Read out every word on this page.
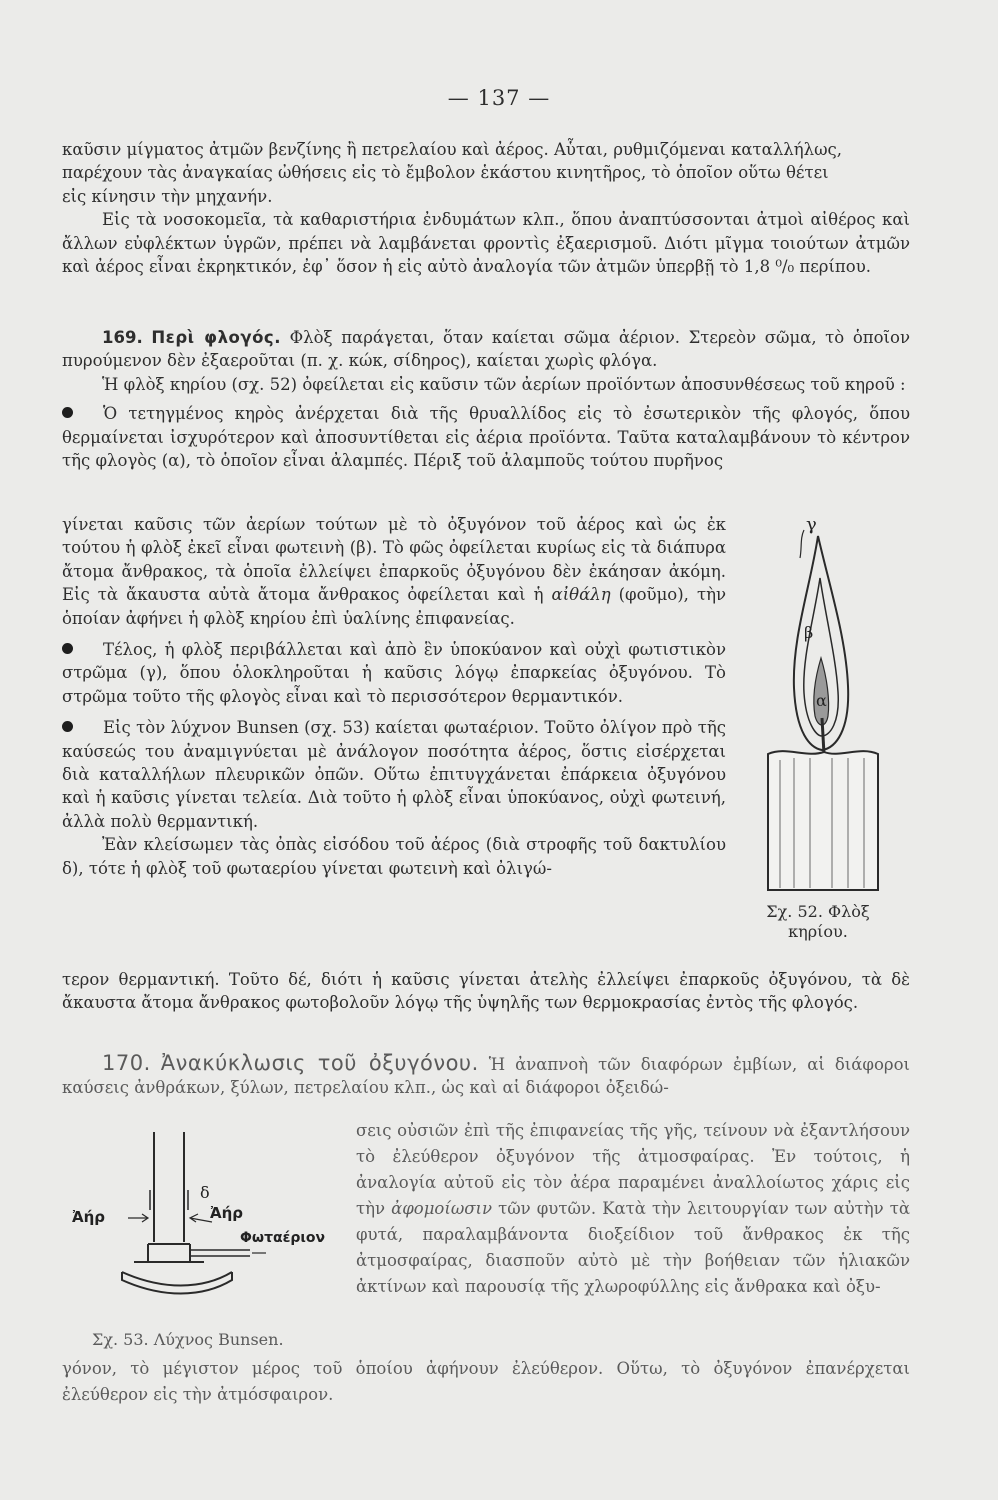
— 137 —

καῦσιν μίγματος ἀτμῶν βενζίνης ἢ πετρελαίου καὶ ἀέρος. Αὗται, ρυθμιζόμεναι καταλλήλως,

παρέχουν τὰς ἀναγκαίας ὠθήσεις εἰς τὸ ἔμβολον ἑκάστου κινητῆρος, τὸ ὁποῖον οὕτω θέτει

εἰς κίνησιν τὴν μηχανήν.

Εἰς τὰ νοσοκομεῖα, τὰ καθαριστήρια ἐνδυμάτων κλπ., ὅπου ἀναπτύσσονται ἀτμοὶ αἰθέρος καὶ ἄλλων εὐφλέκτων ὑγρῶν, πρέπει νὰ λαμβάνεται φροντὶς ἐξαερισμοῦ. Διότι μῖγμα τοιούτων ἀτμῶν καὶ ἀέρος εἶναι ἐκρηκτικόν, ἐφ᾽ ὅσον ἡ εἰς αὐτὸ ἀναλογία τῶν ἀτμῶν ὑπερβῇ τὸ 1,8 ⁰/₀ περίπου.

169. Περὶ φλογός. Φλὸξ παράγεται, ὅταν καίεται σῶμα ἀέριον. Στερεὸν σῶμα, τὸ ὁποῖον πυρούμενον δὲν ἐξαεροῦται (π. χ. κώκ, σίδηρος), καίεται χωρὶς φλόγα.

Ἡ φλὸξ κηρίου (σχ. 52) ὀφείλεται εἰς καῦσιν τῶν ἀερίων προϊόντων ἀποσυνθέσεως τοῦ κηροῦ :

Ὁ τετηγμένος κηρὸς ἀνέρχεται διὰ τῆς θρυαλλίδος εἰς τὸ ἐσωτερικὸν τῆς φλογός, ὅπου θερμαίνεται ἰσχυρότερον καὶ ἀποσυντίθεται εἰς ἀέρια προϊόντα. Ταῦτα καταλαμβάνουν τὸ κέντρον τῆς φλογὸς (α), τὸ ὁποῖον εἶναι ἀλαμπές. Πέριξ τοῦ ἀλαμποῦς τούτου πυρῆνος

γίνεται καῦσις τῶν ἀερίων τούτων μὲ τὸ ὀξυγόνον τοῦ ἀέρος καὶ ὡς ἐκ τούτου ἡ φλὸξ ἐκεῖ εἶναι φωτεινὴ (β). Τὸ φῶς ὀφείλεται κυρίως εἰς τὰ διάπυρα ἄτομα ἄνθρακος, τὰ ὁποῖα ἐλλείψει ἐπαρκοῦς ὀξυγόνου δὲν ἐκάησαν ἀκόμη. Εἰς τὰ ἄκαυστα αὐτὰ ἄτομα ἄνθρακος ὀφείλεται καὶ ἡ αἰθάλη (φοῦμο), τὴν ὁποίαν ἀφήνει ἡ φλὸξ κηρίου ἐπὶ ὑαλίνης ἐπιφανείας.

Τέλος, ἡ φλὸξ περιβάλλεται καὶ ἀπὸ ἓν ὑποκύανον καὶ οὐχὶ φωτιστικὸν στρῶμα (γ), ὅπου ὁλοκληροῦται ἡ καῦσις λόγῳ ἐπαρκείας ὀξυγόνου. Τὸ στρῶμα τοῦτο τῆς φλογὸς εἶναι καὶ τὸ περισσότερον θερμαντικόν.

Εἰς τὸν λύχνον Bunsen (σχ. 53) καίεται φωταέριον. Τοῦτο ὀλίγον πρὸ τῆς καύσεώς του ἀναμιγνύεται μὲ ἀνάλογον ποσότητα ἀέρος, ὅστις εἰσέρχεται διὰ καταλλήλων πλευρικῶν ὀπῶν. Οὕτω ἐπιτυγχάνεται ἐπάρκεια ὀξυγόνου καὶ ἡ καῦσις γίνεται τελεία. Διὰ τοῦτο ἡ φλὸξ εἶναι ὑποκύανος, οὐχὶ φωτεινή, ἀλλὰ πολὺ θερμαντική.

Ἐὰν κλείσωμεν τὰς ὀπὰς εἰσόδου τοῦ ἀέρος (διὰ στροφῆς τοῦ δακτυλίου δ), τότε ἡ φλὸξ τοῦ φωταερίου γίνεται φωτεινὴ καὶ ὀλιγώ-

τερον θερμαντική. Τοῦτο δέ, διότι ἡ καῦσις γίνεται ἀτελὴς ἐλλείψει ἐπαρκοῦς ὀξυγόνου, τὰ δὲ ἄκαυστα ἄτομα ἄνθρακος φωτοβολοῦν λόγῳ τῆς ὑψηλῆς των θερμοκρασίας ἐντὸς τῆς φλογός.

α
β
γ
Σχ. 52. Φλὸξ κηρίου.

170. Ἀνακύκλωσις τοῦ ὀξυγόνου. Ἡ ἀναπνοὴ τῶν διαφόρων ἐμβίων, αἱ διάφοροι καύσεις ἀνθράκων, ξύλων, πετρελαίου κλπ., ὡς καὶ αἱ διάφοροι ὀξειδώ-

σεις οὐσιῶν ἐπὶ τῆς ἐπιφανείας τῆς γῆς, τείνουν νὰ ἐξαντλήσουν τὸ ἐλεύθερον ὀξυγόνον τῆς ἀτμοσφαίρας. Ἐν τούτοις, ἡ ἀναλογία αὐτοῦ εἰς τὸν ἀέρα παραμένει ἀναλλοίωτος χάρις εἰς τὴν ἀφομοίωσιν τῶν φυτῶν. Κατὰ τὴν λειτουργίαν των αὐτὴν τὰ φυτά, παραλαμβάνοντα διοξείδιον τοῦ ἄνθρακος ἐκ τῆς ἀτμοσφαίρας, διασποῦν αὐτὸ μὲ τὴν βοήθειαν τῶν ἡλιακῶν ἀκτίνων καὶ παρουσίᾳ τῆς χλωροφύλλης εἰς ἄνθρακα καὶ ὀξυ-

γόνον, τὸ μέγιστον μέρος τοῦ ὁποίου ἀφήνουν ἐλεύθερον. Οὕτω, τὸ ὀξυγόνον ἐπανέρχεται ἐλεύθερον εἰς τὴν ἀτμόσφαιρον.

Ἀήρ	Ἀήρ
δ
Φωταέριον
Σχ. 53. Λύχνος Bunsen.
